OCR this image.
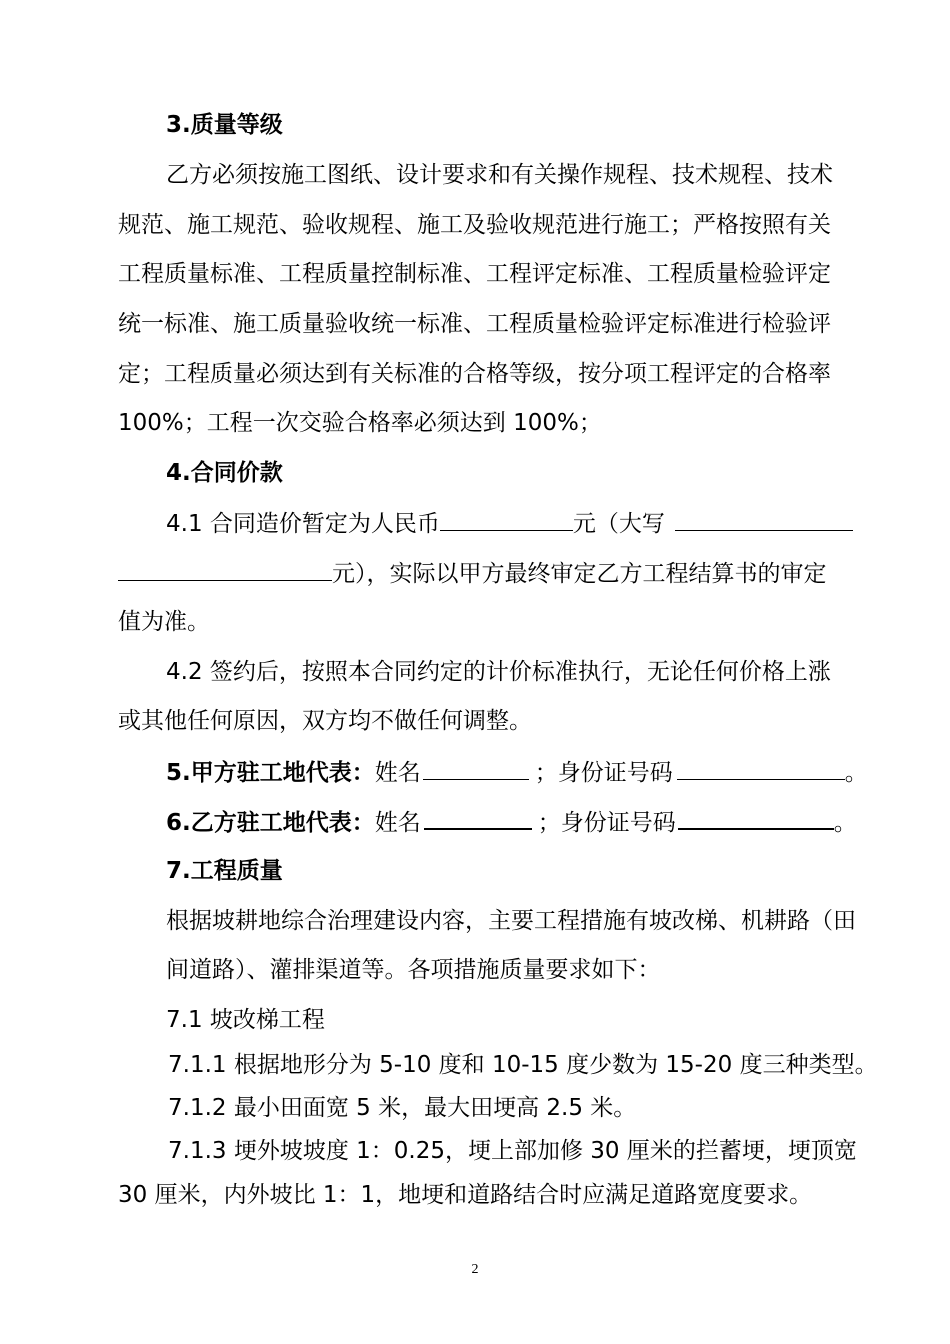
3.质量等级
乙方必须按施工图纸、设计要求和有关操作规程、技术规程、技术
规范、施工规范、验收规程、施工及验收规范进行施工；严格按照有关
工程质量标准、工程质量控制标准、工程评定标准、工程质量检验评定
统一标准、施工质量验收统一标准、工程质量检验评定标准进行检验评
定；工程质量必须达到有关标准的合格等级，按分项工程评定的合格率
100%；工程一次交验合格率必须达到 100%；
4.合同价款
4.1 合同造价暂定为人民币	元（大写
元），实际以甲方最终审定乙方工程结算书的审定
值为准。
4.2 签约后，按照本合同约定的计价标准执行，无论任何价格上涨
或其他任何原因，双方均不做任何调整。
5.甲方驻工地代表：姓名	；身份证号码	。
6.乙方驻工地代表：姓名	；身份证号码	。
7.工程质量
根据坡耕地综合治理建设内容，主要工程措施有坡改梯、机耕路（田
间道路）、灌排渠道等。各项措施质量要求如下：
7.1 坡改梯工程
7.1.1 根据地形分为 5-10 度和 10-15 度少数为 15-20 度三种类型。
7.1.2 最小田面宽 5 米，最大田埂高 2.5 米。
7.1.3 埂外坡坡度 1：0.25，埂上部加修 30 厘米的拦蓄埂，埂顶宽
30 厘米，内外坡比 1：1，地埂和道路结合时应满足道路宽度要求。
2
